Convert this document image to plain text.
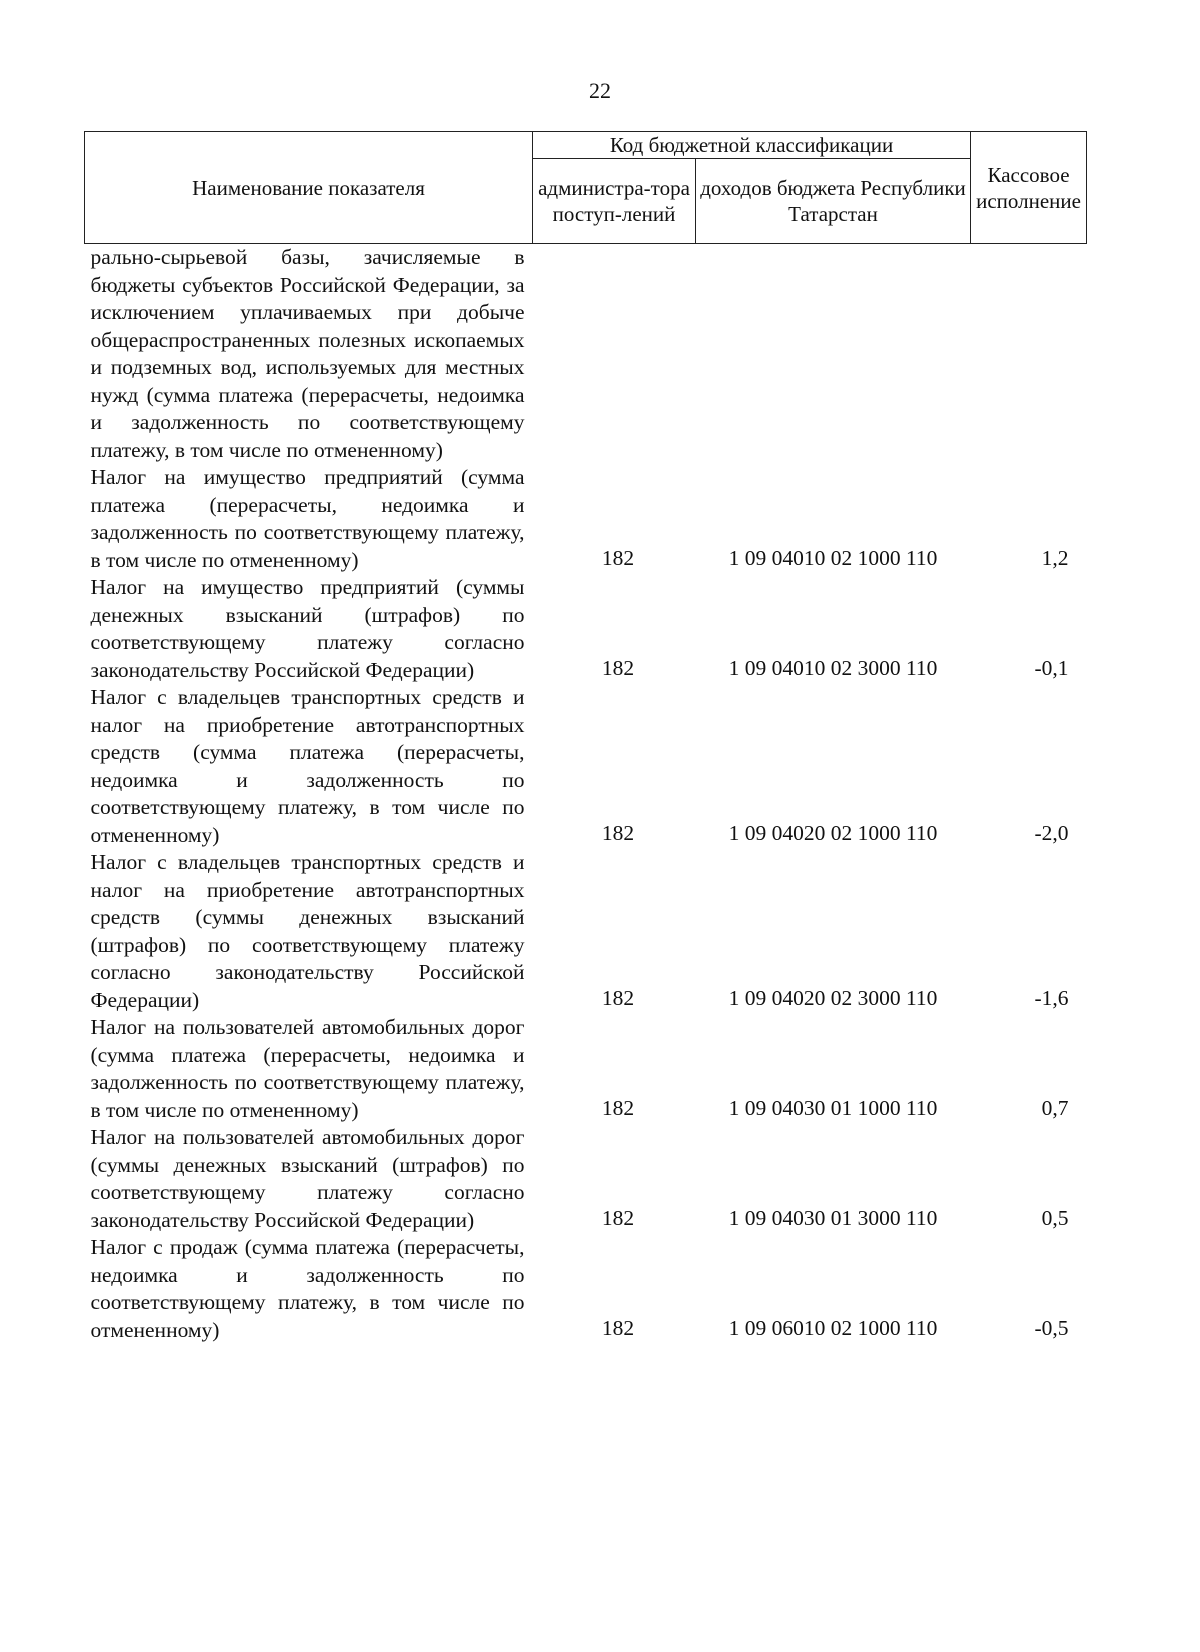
22
Наименование показателя	Код бюджетной классификации		Кассовое исполнение
	администра-тора поступ-лений	доходов бюджета Республики Татарстан	
рально-сырьевой базы, зачисляемые в бюджеты субъектов Российской Федерации, за исключением уплачиваемых при добыче общераспространенных полезных ископаемых и подземных вод, используемых для местных нужд (сумма платежа (перерасчеты, недоимка и задолженность по соответствующему платежу, в том числе по отмененному)			
Налог на имущество предприятий (сумма платежа (перерасчеты, недоимка и задолженность по соответствующему платежу, в том числе по отмененному)	182	1 09 04010 02 1000 110	1,2
Налог на имущество предприятий (суммы денежных взысканий (штрафов) по соответствующему платежу согласно законодательству Российской Федерации)	182	1 09 04010 02 3000 110	-0,1
Налог с владельцев транспортных средств и налог на приобретение автотранспортных средств (сумма платежа (перерасчеты, недоимка и задолженность по соответствующему платежу, в том числе по отмененному)	182	1 09 04020 02 1000 110	-2,0
Налог с владельцев транспортных средств и налог на приобретение автотранспортных средств (суммы денежных взысканий (штрафов) по соответствующему платежу согласно законодательству Российской Федерации)	182	1 09 04020 02 3000 110	-1,6
Налог на пользователей автомобильных дорог (сумма платежа (перерасчеты, недоимка и задолженность по соответствующему платежу, в том числе по отмененному)	182	1 09 04030 01 1000 110	0,7
Налог на пользователей автомобильных дорог (суммы денежных взысканий (штрафов) по соответствующему платежу согласно законодательству Российской Федерации)	182	1 09 04030 01 3000 110	0,5
Налог с продаж (сумма платежа (перерасчеты, недоимка и задолженность по соответствующему платежу, в том числе по отмененному)	182	1 09 06010 02 1000 110	-0,5
